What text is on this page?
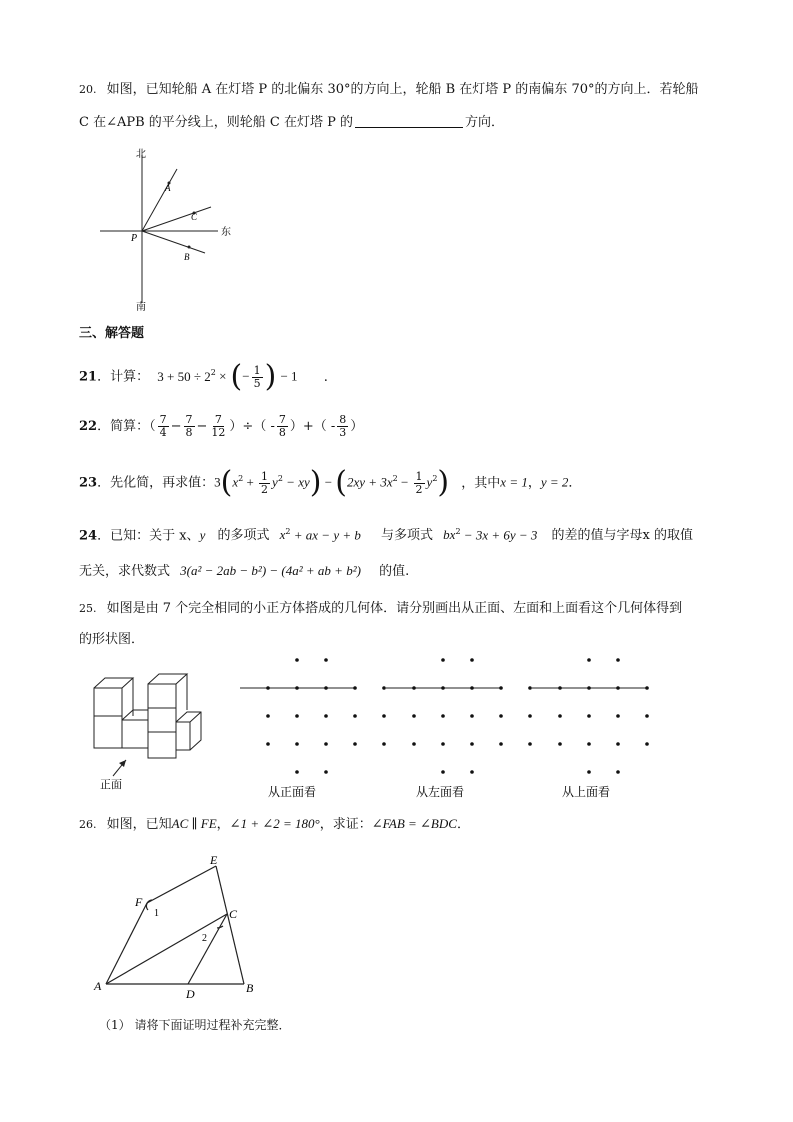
20. 如图，已知轮船 A 在灯塔 P 的北偏东 30°的方向上，轮船 B 在灯塔 P 的南偏东 70°的方向上．若轮船
C 在∠APB 的平分线上，则轮船 C 在灯塔 P 的	方向．
北
南
东
P
A
C
B
三、解答题
21．计算： $3 + 50 \div 2^2$ × (− $\frac{1}{5}$ ) − 1 .
22．简算：（ $\frac{7}{4} - \frac{7}{8} - \frac{7}{12}$ ）÷（ - $\frac{7}{8}$ ）+（ - $\frac{8}{3}$ ）
23．先化简，再求值：$3(x^2 + \frac{1}{2} y^2 - xy) - (2xy + 3x^2 - \frac{1}{2} y^2)$ ，其中x = 1，y = 2．
24．已知：关于 x、y 的多项式 $x^2$ + ax − y + b 与多项式 $bx^2 - 3x + 6y - 3$ 的差的值与字母x 的取值
无关，求代数式 3(a² − 2ab − b²) − (4a² + ab + b²) 的值.
25. 如图是由 7 个完全相同的小正方体搭成的几何体．请分别画出从正面、左面和上面看这个几何体得到
的形状图．
正面	从正面看	从左面看	从上面看
26. 如图，已知AC ∥ FE，∠1 + ∠2 = 180°，求证：∠FAB = ∠BDC．
E
F
C
A
D	B
1
2
（1） 请将下面证明过程补充完整．
